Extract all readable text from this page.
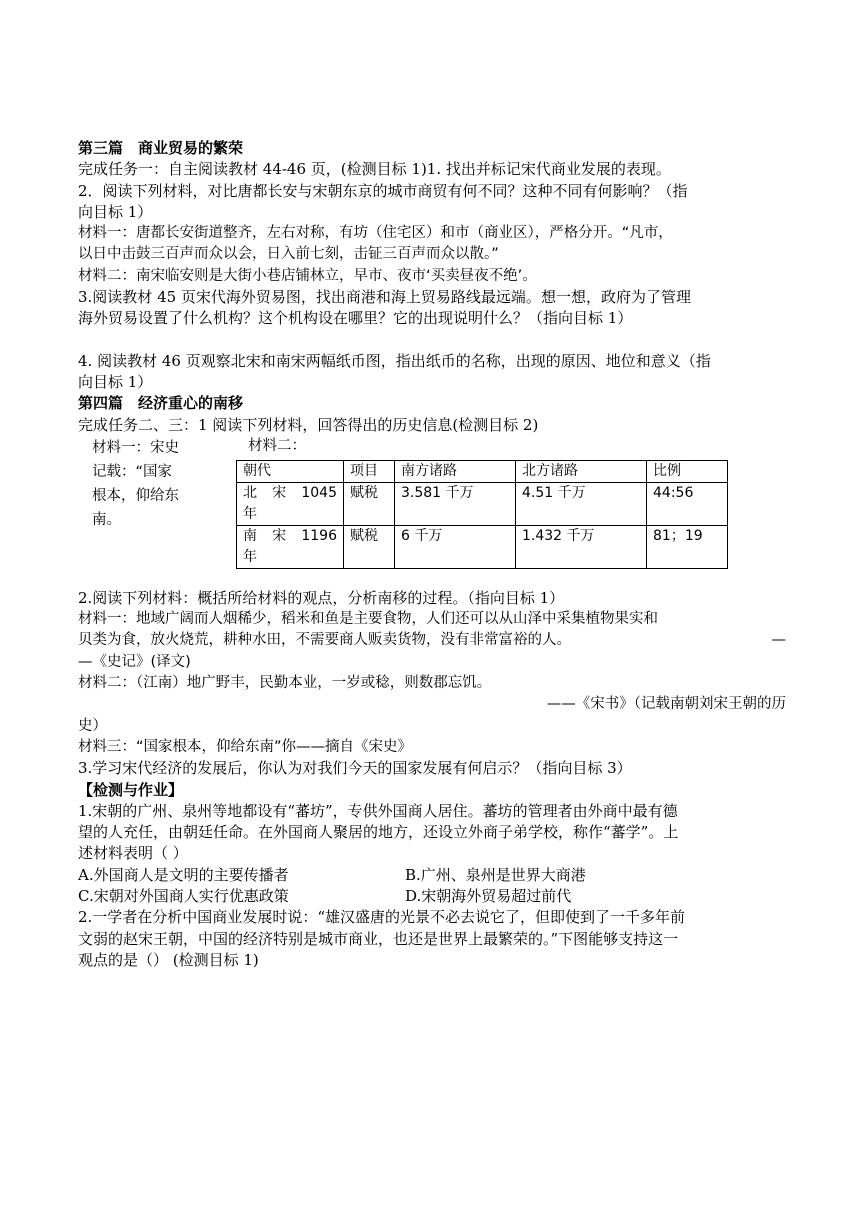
第三篇　商业贸易的繁荣
完成任务一：自主阅读教材 44-46 页，(检测目标 1)1. 找出并标记宋代商业发展的表现。
2．阅读下列材料，对比唐都长安与宋朝东京的城市商贸有何不同？这种不同有何影响？（指
向目标 1）
材料一：唐都长安街道整齐，左右对称，有坊（住宅区）和市（商业区），严格分开。“凡市，
以日中击鼓三百声而众以会，日入前七刻，击钲三百声而众以散。”
材料二：南宋临安则是大街小巷店铺林立，早市、夜市‘买卖昼夜不绝’。
3.阅读教材 45 页宋代海外贸易图，找出商港和海上贸易路线最远端。想一想，政府为了管理
海外贸易设置了什么机构？这个机构设在哪里？它的出现说明什么？（指向目标 1）
4. 阅读教材 46 页观察北宋和南宋两幅纸币图，指出纸币的名称，出现的原因、地位和意义（指
向目标 1）
第四篇　经济重心的南移
完成任务二、三：1 阅读下列材料，回答得出的历史信息(检测目标 2)
材料一：宋史
记载：“国家
根本，仰给东
南。
材料二：
朝代	项目	南方诸路	北方诸路	比例

北 宋 1045
年	赋税	3.581 千万	4.51 千万	44:56

南 宋 1196
年	赋税	6 千万	1.432 千万	81；19
2.阅读下列材料：概括所给材料的观点，分析南移的过程。（指向目标 1）
材料一：地域广阔而人烟稀少，稻米和鱼是主要食物，人们还可以从山泽中采集植物果实和
贝类为食，放火烧荒，耕种水田，不需要商人贩卖货物，没有非常富裕的人。	—
—《史记》(译文)
材料二：（江南）地广野丰，民勤本业，一岁或稔，则数郡忘饥。
——《宋书》（记载南朝刘宋王朝的历
史）
材料三：“国家根本，仰给东南”你——摘自《宋史》
3.学习宋代经济的发展后，你认为对我们今天的国家发展有何启示？（指向目标 3）
【检测与作业】
1.宋朝的广州、泉州等地都设有“蕃坊”，专供外国商人居住。蕃坊的管理者由外商中最有德
望的人充任，由朝廷任命。在外国商人聚居的地方，还设立外商子弟学校，称作“蕃学”。上
述材料表明（ ）
A.外国商人是文明的主要传播者	B.广州、泉州是世界大商港
C.宋朝对外国商人实行优惠政策	D.宋朝海外贸易超过前代
2.一学者在分析中国商业发展时说：“雄汉盛唐的光景不必去说它了，但即使到了一千多年前
文弱的赵宋王朝，中国的经济特别是城市商业，也还是世界上最繁荣的。”下图能够支持这一
观点的是（） (检测目标 1)
